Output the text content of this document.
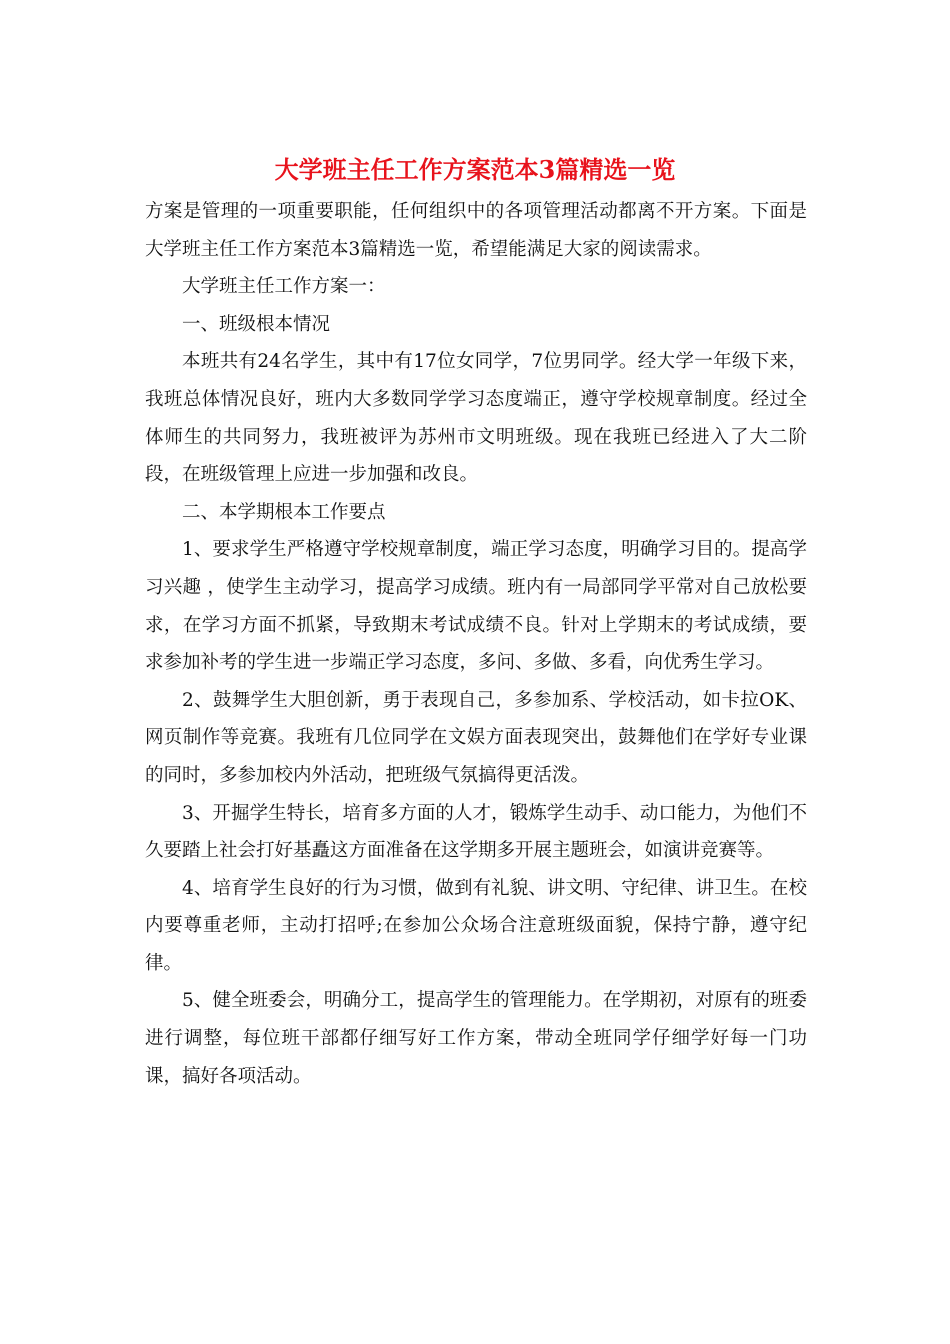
大学班主任工作方案范本3篇精选一览

方案是管理的一项重要职能，任何组织中的各项管理活动都离不开方案。下面是大学班主任工作方案范本3篇精选一览，希望能满足大家的阅读需求。

大学班主任工作方案一：

一、班级根本情况

本班共有24名学生，其中有17位女同学，7位男同学。经大学一年级下来，我班总体情况良好，班内大多数同学学习态度端正，遵守学校规章制度。经过全体师生的共同努力，我班被评为苏州市文明班级。现在我班已经进入了大二阶段，在班级管理上应进一步加强和改良。

二、本学期根本工作要点

1、要求学生严格遵守学校规章制度，端正学习态度，明确学习目的。提高学习兴趣 ，使学生主动学习，提高学习成绩。班内有一局部同学平常对自己放松要求，在学习方面不抓紧，导致期末考试成绩不良。针对上学期末的考试成绩，要求参加补考的学生进一步端正学习态度，多问、多做、多看，向优秀生学习。

2、鼓舞学生大胆创新，勇于表现自己，多参加系、学校活动，如卡拉OK、网页制作等竞赛。我班有几位同学在文娱方面表现突出，鼓舞他们在学好专业课的同时，多参加校内外活动，把班级气氛搞得更活泼。

3、开掘学生特长，培育多方面的人才，锻炼学生动手、动口能力，为他们不久要踏上社会打好基矗这方面准备在这学期多开展主题班会，如演讲竞赛等。

4、培育学生良好的行为习惯，做到有礼貌、讲文明、守纪律、讲卫生。在校内要尊重老师，主动打招呼;在参加公众场合注意班级面貌，保持宁静，遵守纪律。

5、健全班委会，明确分工，提高学生的管理能力。在学期初，对原有的班委进行调整，每位班干部都仔细写好工作方案，带动全班同学仔细学好每一门功课，搞好各项活动。
